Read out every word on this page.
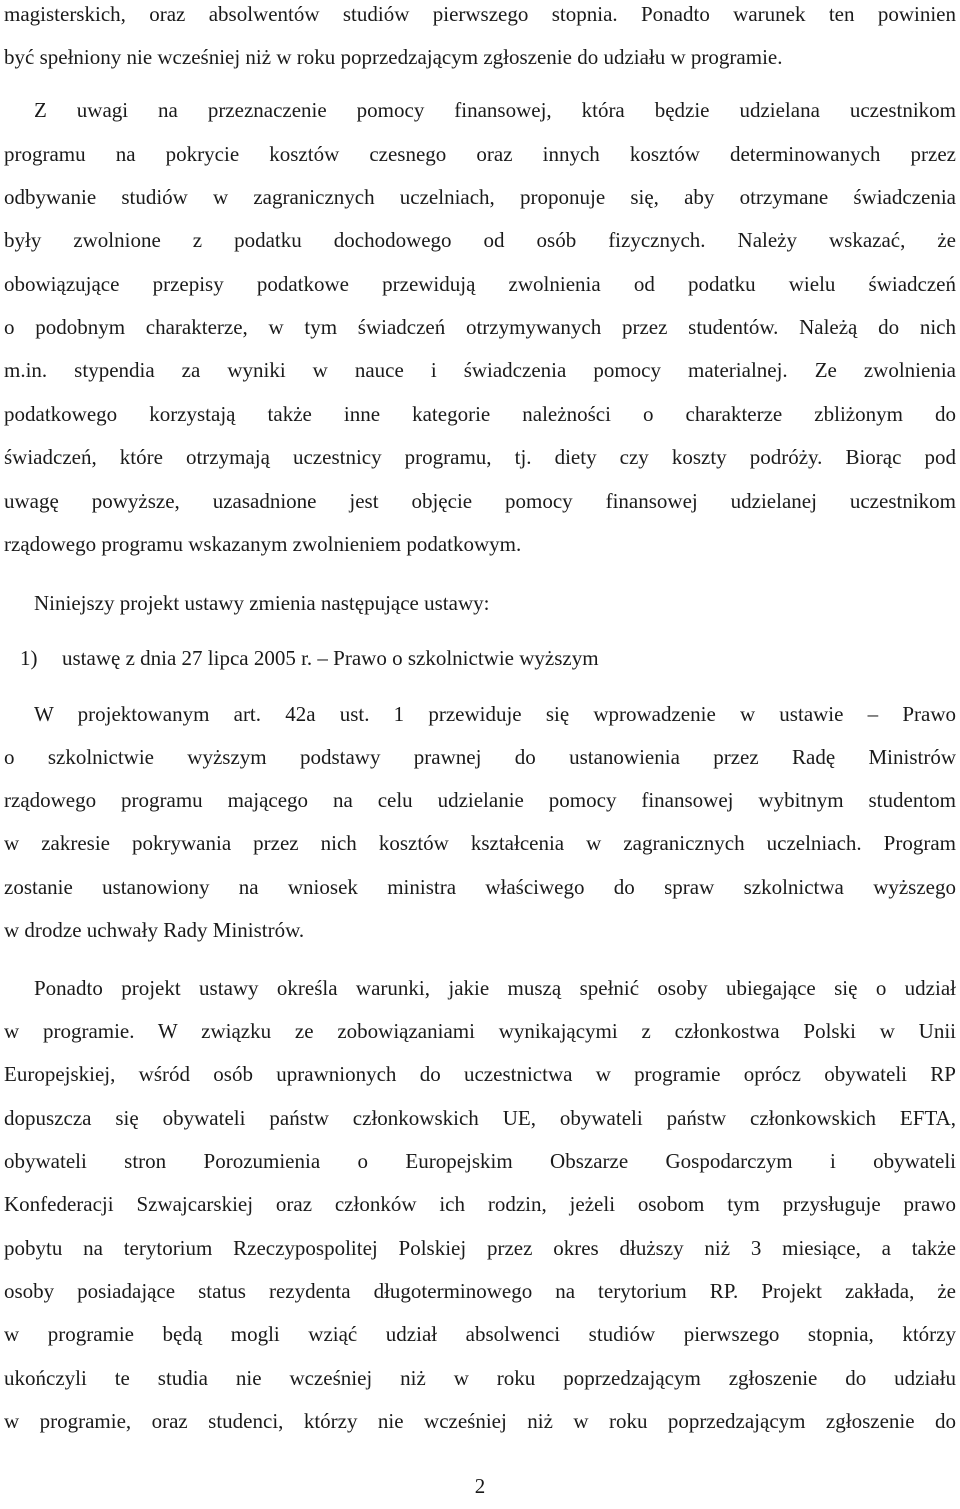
magisterskich, oraz absolwentów studiów pierwszego stopnia. Ponadto warunek ten powinien
być spełniony nie wcześniej niż w roku poprzedzającym zgłoszenie do udziału w programie.
Z uwagi na przeznaczenie pomocy finansowej, która będzie udzielana uczestnikom
programu na pokrycie kosztów czesnego oraz innych kosztów determinowanych przez
odbywanie studiów w zagranicznych uczelniach, proponuje się, aby otrzymane świadczenia
były zwolnione z podatku dochodowego od osób fizycznych. Należy wskazać, że
obowiązujące przepisy podatkowe przewidują zwolnienia od podatku wielu świadczeń
o podobnym charakterze, w tym świadczeń otrzymywanych przez studentów. Należą do nich
m.in. stypendia za wyniki w nauce i świadczenia pomocy materialnej. Ze zwolnienia
podatkowego korzystają także inne kategorie należności o charakterze zbliżonym do
świadczeń, które otrzymają uczestnicy programu, tj. diety czy koszty podróży. Biorąc pod
uwagę powyższe, uzasadnione jest objęcie pomocy finansowej udzielanej uczestnikom
rządowego programu wskazanym zwolnieniem podatkowym.
Niniejszy projekt ustawy zmienia następujące ustawy:
1) ustawę z dnia 27 lipca 2005 r. – Prawo o szkolnictwie wyższym
W projektowanym art. 42a ust. 1 przewiduje się wprowadzenie w ustawie – Prawo
o szkolnictwie wyższym podstawy prawnej do ustanowienia przez Radę Ministrów
rządowego programu mającego na celu udzielanie pomocy finansowej wybitnym studentom
w zakresie pokrywania przez nich kosztów kształcenia w zagranicznych uczelniach. Program
zostanie ustanowiony na wniosek ministra właściwego do spraw szkolnictwa wyższego
w drodze uchwały Rady Ministrów.
Ponadto projekt ustawy określa warunki, jakie muszą spełnić osoby ubiegające się o udział
w programie. W związku ze zobowiązaniami wynikającymi z członkostwa Polski w Unii
Europejskiej, wśród osób uprawnionych do uczestnictwa w programie oprócz obywateli RP
dopuszcza się obywateli państw członkowskich UE, obywateli państw członkowskich EFTA,
obywateli stron Porozumienia o Europejskim Obszarze Gospodarczym i obywateli
Konfederacji Szwajcarskiej oraz członków ich rodzin, jeżeli osobom tym przysługuje prawo
pobytu na terytorium Rzeczypospolitej Polskiej przez okres dłuższy niż 3 miesiące, a także
osoby posiadające status rezydenta długoterminowego na terytorium RP. Projekt zakłada, że
w programie będą mogli wziąć udział absolwenci studiów pierwszego stopnia, którzy
ukończyli te studia nie wcześniej niż w roku poprzedzającym zgłoszenie do udziału
w programie, oraz studenci, którzy nie wcześniej niż w roku poprzedzającym zgłoszenie do
2
